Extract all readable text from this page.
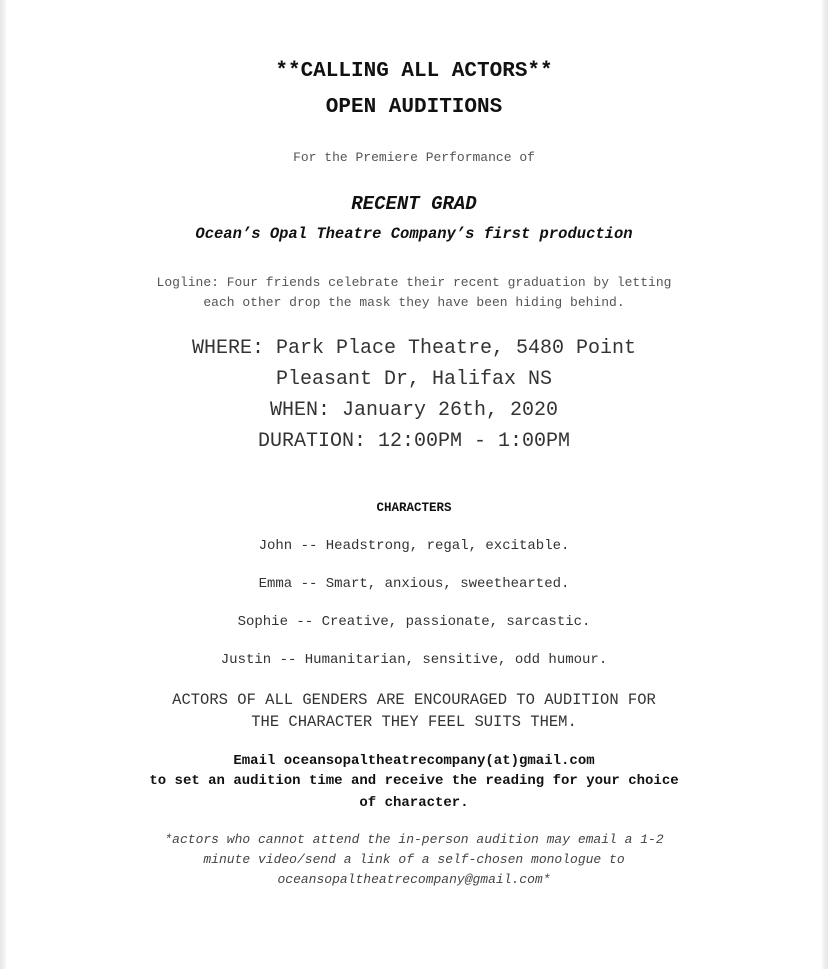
**CALLING ALL ACTORS**
OPEN AUDITIONS
For the Premiere Performance of
RECENT GRAD
Ocean’s Opal Theatre Company’s first production
Logline: Four friends celebrate their recent graduation by letting
each other drop the mask they have been hiding behind.
WHERE: Park Place Theatre, 5480 Point
Pleasant Dr, Halifax NS
WHEN: January 26th, 2020
DURATION: 12:00PM - 1:00PM
CHARACTERS
John -- Headstrong, regal, excitable.
Emma -- Smart, anxious, sweethearted.
Sophie -- Creative, passionate, sarcastic.
Justin -- Humanitarian, sensitive, odd humour.
ACTORS OF ALL GENDERS ARE ENCOURAGED TO AUDITION FOR
THE CHARACTER THEY FEEL SUITS THEM.
Email oceansopaltheatrecompany(at)gmail.com
to set an audition time and receive the reading for your choice
of character.
*actors who cannot attend the in-person audition may email a 1-2
minute video/send a link of a self-chosen monologue to
oceansopaltheatrecompany@gmail.com*
